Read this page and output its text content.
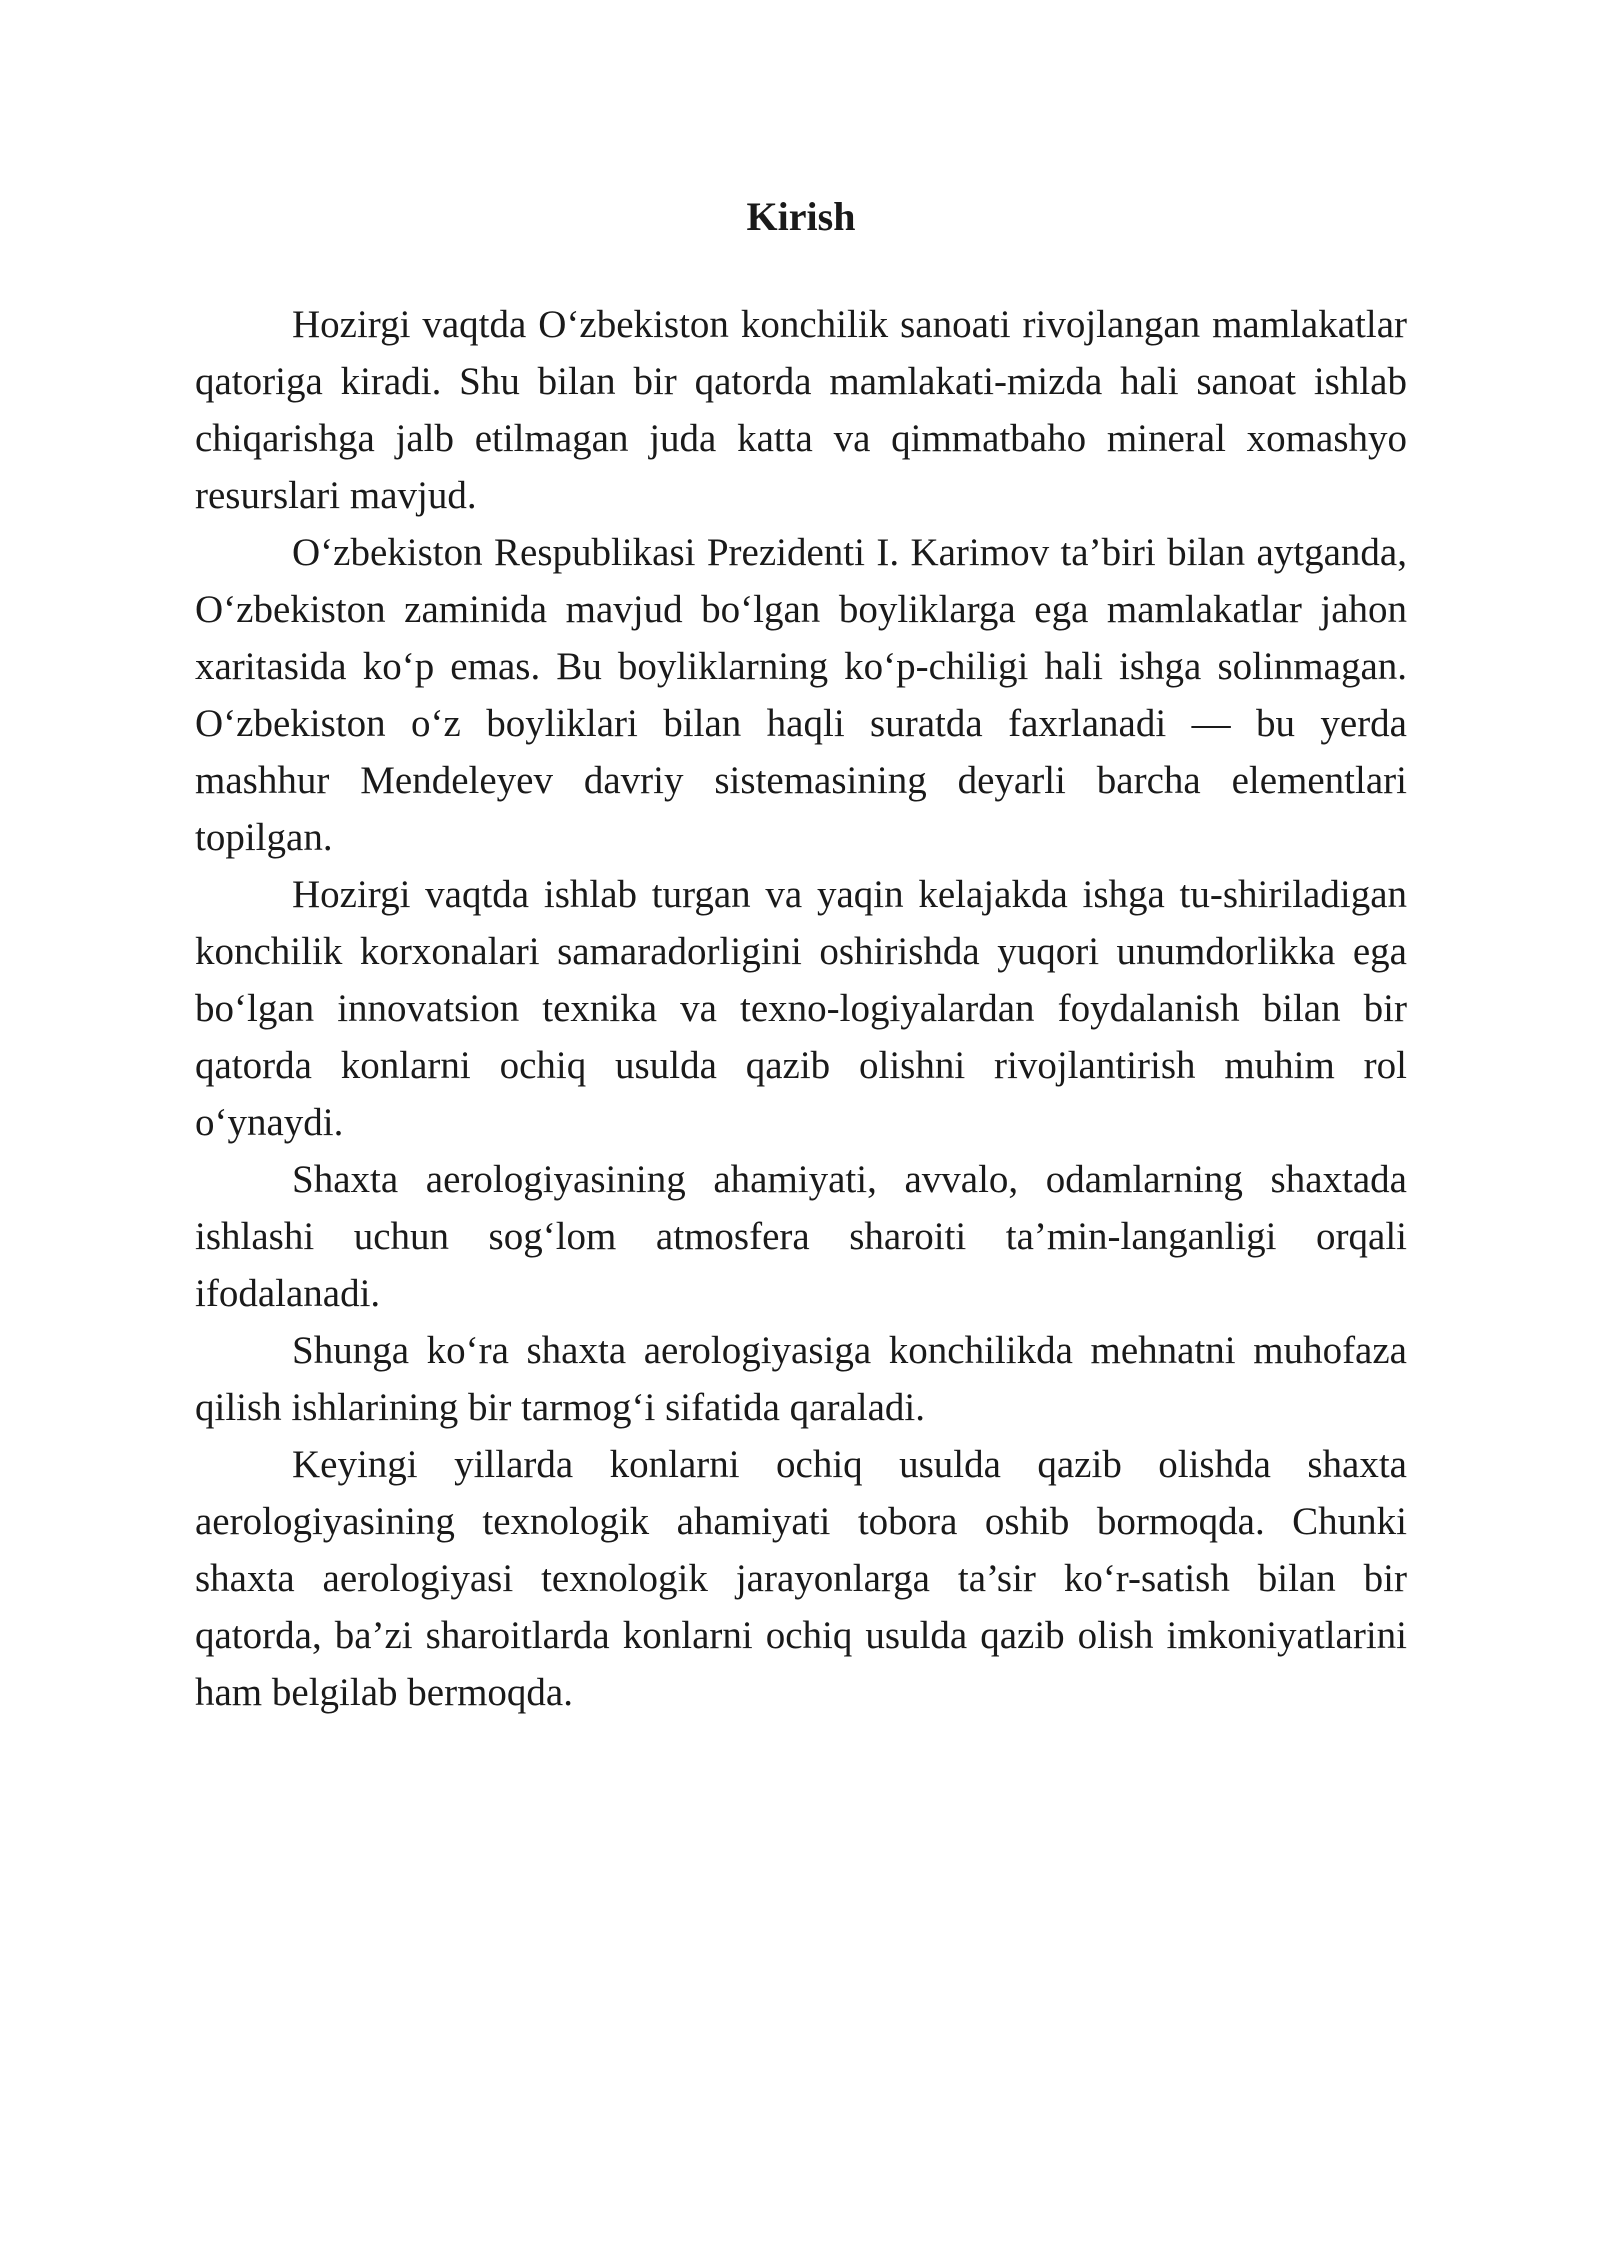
Kirish

Hozirgi vaqtda O‘zbekiston konchilik sanoati rivojlangan mamlakatlar qatoriga kiradi. Shu bilan bir qatorda mamlakati-mizda hali sanoat ishlab chiqarishga jalb etilmagan juda katta va qimmatbaho mineral xomashyo resurslari mavjud.

O‘zbekiston Respublikasi Prezidenti I. Karimov ta’biri bilan aytganda, O‘zbekiston zaminida mavjud bo‘lgan boyliklarga ega mamlakatlar jahon xaritasida ko‘p emas. Bu boyliklarning ko‘p-chiligi hali ishga solinmagan. O‘zbekiston o‘z boyliklari bilan haqli suratda faxrlanadi — bu yerda mashhur Mendeleyev davriy sistemasining deyarli barcha elementlari topilgan.

Hozirgi vaqtda ishlab turgan va yaqin kelajakda ishga tu-shiriladigan konchilik korxonalari samaradorligini oshirishda yuqori unumdorlikka ega bo‘lgan innovatsion texnika va texno-logiyalardan foydalanish bilan bir qatorda konlarni ochiq usulda qazib olishni rivojlantirish muhim rol o‘ynaydi.

Shaxta aerologiyasining ahamiyati, avvalo, odamlarning shaxtada ishlashi uchun sog‘lom atmosfera sharoiti ta’min-langanligi orqali ifodalanadi.

Shunga ko‘ra shaxta aerologiyasiga konchilikda mehnatni muhofaza qilish ishlarining bir tarmog‘i sifatida qaraladi.

Keyingi yillarda konlarni ochiq usulda qazib olishda shaxta aerologiyasining texnologik ahamiyati tobora oshib bormoqda. Chunki shaxta aerologiyasi texnologik jarayonlarga ta’sir ko‘r-satish bilan bir qatorda, ba’zi sharoitlarda konlarni ochiq usulda qazib olish imkoniyatlarini ham belgilab bermoqda.
